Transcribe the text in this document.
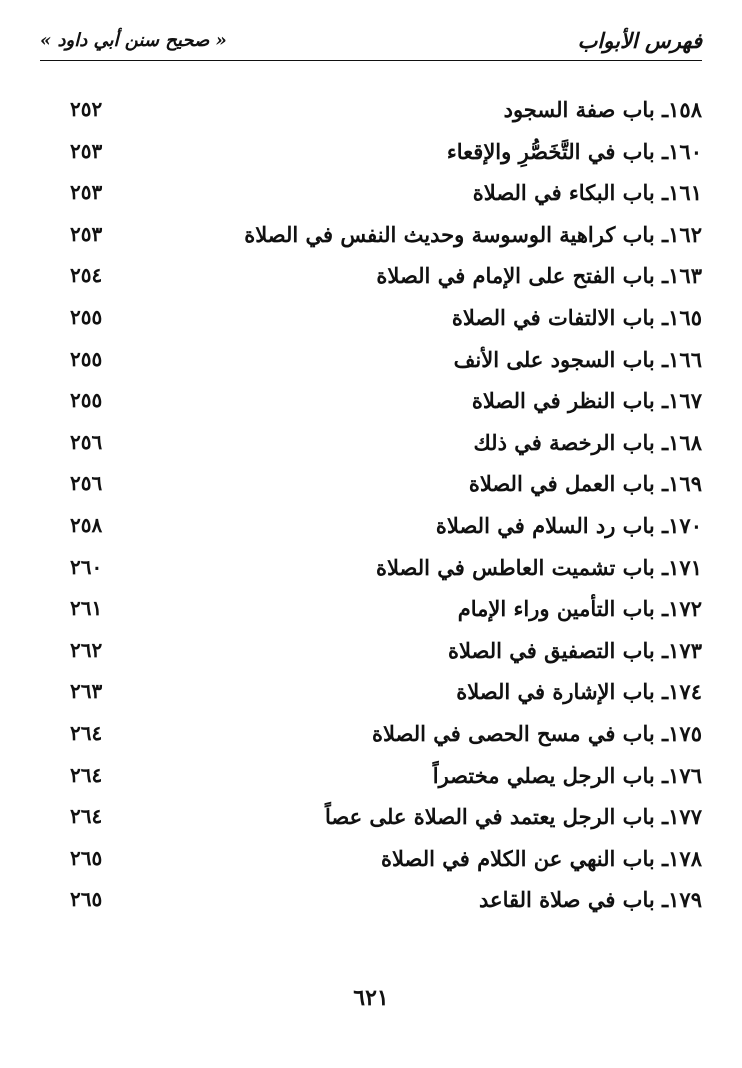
فهرس الأبواب
« صحيح سنن أبي داود »
١٥٨ـ باب صفة السجود
٢٥٢
١٦٠ـ باب في التَّخَصُّرِ والإقعاء
٢٥٣
١٦١ـ باب البكاء في الصلاة
٢٥٣
١٦٢ـ باب كراهية الوسوسة وحديث النفس في الصلاة
٢٥٣
١٦٣ـ باب الفتح على الإمام في الصلاة
٢٥٤
١٦٥ـ باب الالتفات في الصلاة
٢٥٥
١٦٦ـ باب السجود على الأنف
٢٥٥
١٦٧ـ باب النظر في الصلاة
٢٥٥
١٦٨ـ باب الرخصة في ذلك
٢٥٦
١٦٩ـ باب العمل في الصلاة
٢٥٦
١٧٠ـ باب رد السلام في الصلاة
٢٥٨
١٧١ـ باب تشميت العاطس في الصلاة
٢٦٠
١٧٢ـ باب التأمين وراء الإمام
٢٦١
١٧٣ـ باب التصفيق في الصلاة
٢٦٢
١٧٤ـ باب الإشارة في الصلاة
٢٦٣
١٧٥ـ باب في مسح الحصى في الصلاة
٢٦٤
١٧٦ـ باب الرجل يصلي مختصراً
٢٦٤
١٧٧ـ باب الرجل يعتمد في الصلاة على عصاً
٢٦٤
١٧٨ـ باب النهي عن الكلام في الصلاة
٢٦٥
١٧٩ـ باب في صلاة القاعد
٢٦٥
٦٢١
